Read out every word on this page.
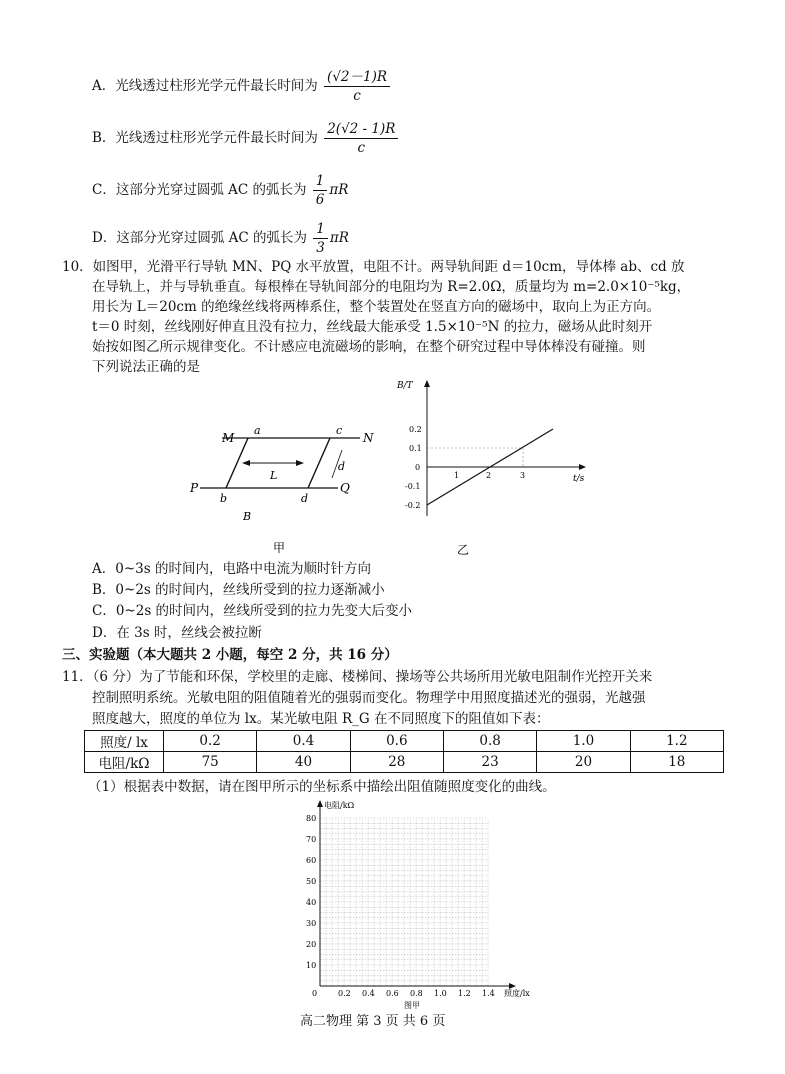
A．光线透过柱形光学元件最长时间为 $\frac{(√2-1)R}{c}$
B．光线透过柱形光学元件最长时间为 $\frac{2(√2 - 1)R}{c}$
C．这部分光穿过圆弧 AC 的弧长为 $\frac{1}{6}$ πR
D．这部分光穿过圆弧 AC 的弧长为 $\frac{1}{3}$ πR
10．如图甲，光滑平行导轨 MN、PQ 水平放置，电阻不计。两导轨间距 d＝10cm，导体棒 ab、cd 放
在导轨上，并与导轨垂直。每根棒在导轨间部分的电阻均为 R=2.0Ω，质量均为 m=2.0×10⁻⁵kg，
用长为 L＝20cm 的绝缘丝线将两棒系住，整个装置处在竖直方向的磁场中，取向上为正方向。
t＝0 时刻，丝线刚好伸直且没有拉力，丝线最大能承受 1.5×10⁻⁵N 的拉力，磁场从此时刻开
始按如图乙所示规律变化。不计感应电流磁场的影响，在整个研究过程中导体棒没有碰撞。则
下列说法正确的是
M	N
P	Q
a
b
c
d
d
L
B
甲
B/T
t/s
0.2
0.1
0
-0.1
-0.2
1	2	3
乙
A．0~3s 的时间内，电路中电流为顺时针方向
B．0~2s 的时间内，丝线所受到的拉力逐渐减小
C．0~2s 的时间内，丝线所受到的拉力先变大后变小
D．在 3s 时，丝线会被拉断
三、实验题（本大题共 2 小题，每空 2 分，共 16 分）
11．（6 分）为了节能和环保，学校里的走廊、楼梯间、操场等公共场所用光敏电阻制作光控开关来
控制照明系统。光敏电阻的阻值随着光的强弱而变化。物理学中用照度描述光的强弱，光越强
照度越大，照度的单位为 lx。某光敏电阻 R_G 在不同照度下的阻值如下表：
照度/ lx	0.2	0.4	0.6	0.8	1.0	1.2
电阻/kΩ	75	40	28	23	20	18
（1）根据表中数据，请在图甲所示的坐标系中描绘出阻值随照度变化的曲线。
电阻/kΩ
照度/lx
80
70
60
50
40
30
20
10
0	0.2 0.4 0.6 0.8 1.0 1.2 1.4
图甲
高二物理 第 3 页 共 6 页
